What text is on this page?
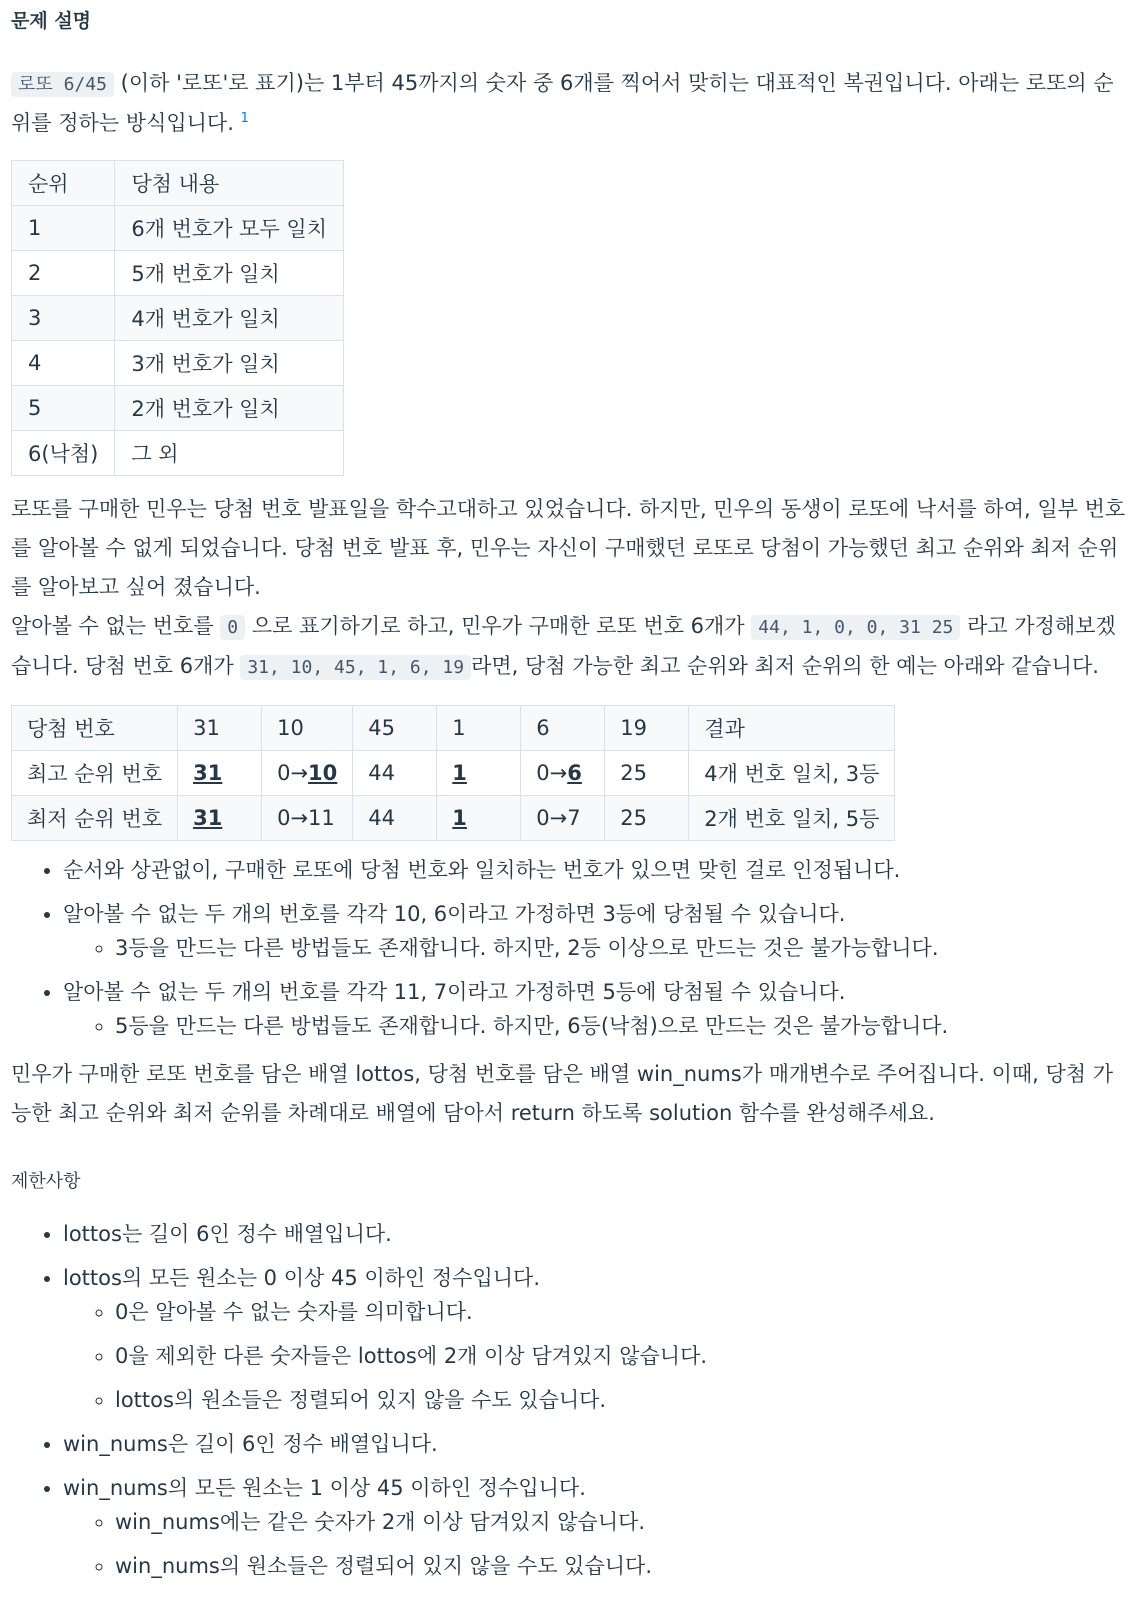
문제 설명

로또 6/45 (이하 '로또'로 표기)는 1부터 45까지의 숫자 중 6개를 찍어서 맞히는 대표적인 복권입니다. 아래는 로또의 순위를 정하는 방식입니다. $^1$

순위	당첨 내용
1	6개 번호가 모두 일치
2	5개 번호가 일치
3	4개 번호가 일치
4	3개 번호가 일치
5	2개 번호가 일치
6(낙첨)	그 외

로또를 구매한 민우는 당첨 번호 발표일을 학수고대하고 있었습니다. 하지만, 민우의 동생이 로또에 낙서를 하여, 일부 번호를 알아볼 수 없게 되었습니다. 당첨 번호 발표 후, 민우는 자신이 구매했던 로또로 당첨이 가능했던 최고 순위와 최저 순위를 알아보고 싶어 졌습니다.

알아볼 수 없는 번호를 0 으로 표기하기로 하고, 민우가 구매한 로또 번호 6개가 44, 1, 0, 0, 31 25 라고 가정해보겠습니다. 당첨 번호 6개가 31, 10, 45, 1, 6, 19 라면, 당첨 가능한 최고 순위와 최저 순위의 한 예는 아래와 같습니다.

당첨 번호	31	10	45	1	6	19	결과
최고 순위 번호	31	0→10	44	1	0→6	25	4개 번호 일치, 3등
최저 순위 번호	31	0→11	44	1	0→7	25	2개 번호 일치, 5등
• 순서와 상관없이, 구매한 로또에 당첨 번호와 일치하는 번호가 있으면 맞힌 걸로 인정됩니다.
• 알아볼 수 없는 두 개의 번호를 각각 10, 6이라고 가정하면 3등에 당첨될 수 있습니다.
◦ 3등을 만드는 다른 방법들도 존재합니다. 하지만, 2등 이상으로 만드는 것은 불가능합니다.
• 알아볼 수 없는 두 개의 번호를 각각 11, 7이라고 가정하면 5등에 당첨될 수 있습니다.
◦ 5등을 만드는 다른 방법들도 존재합니다. 하지만, 6등(낙첨)으로 만드는 것은 불가능합니다.

민우가 구매한 로또 번호를 담은 배열 lottos, 당첨 번호를 담은 배열 win_nums가 매개변수로 주어집니다. 이때, 당첨 가능한 최고 순위와 최저 순위를 차례대로 배열에 담아서 return 하도록 solution 함수를 완성해주세요.

제한사항
• lottos는 길이 6인 정수 배열입니다.
• lottos의 모든 원소는 0 이상 45 이하인 정수입니다.
◦ 0은 알아볼 수 없는 숫자를 의미합니다.
◦ 0을 제외한 다른 숫자들은 lottos에 2개 이상 담겨있지 않습니다.
◦ lottos의 원소들은 정렬되어 있지 않을 수도 있습니다.
• win_nums은 길이 6인 정수 배열입니다.
• win_nums의 모든 원소는 1 이상 45 이하인 정수입니다.
◦ win_nums에는 같은 숫자가 2개 이상 담겨있지 않습니다.
◦ win_nums의 원소들은 정렬되어 있지 않을 수도 있습니다.
